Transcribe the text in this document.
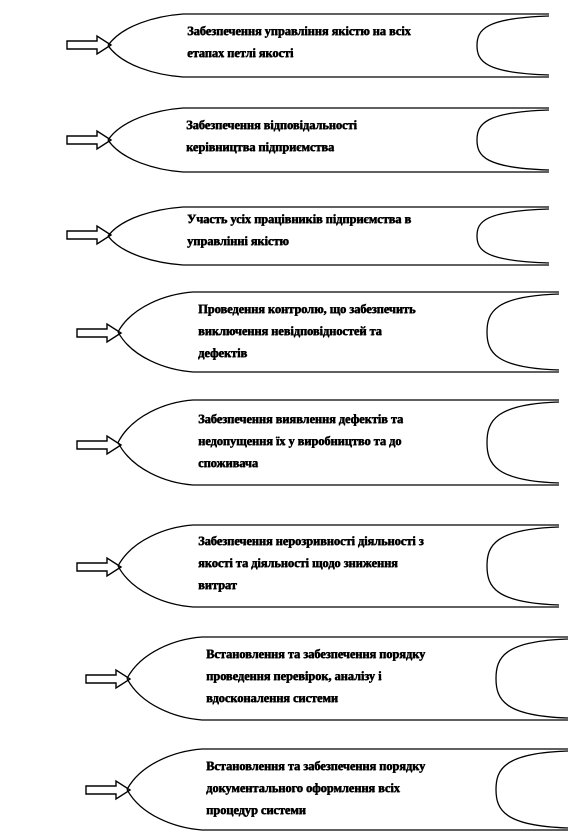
Забезпечення управління якістю на всіх
етапах петлі якості
Забезпечення відповідальності
керівництва підприємства
Участь усіх працівників підприємства в
управлінні якістю
Проведення контролю, що забезпечить
виключення невідповідностей та
дефектів
Забезпечення виявлення дефектів та
недопущення їх у виробництво та до
споживача
Забезпечення нерозривності діяльності з
якості та діяльності щодо зниження
витрат
Встановлення та забезпечення порядку
проведення перевірок, аналізу і
вдосконалення системи
Встановлення та забезпечення порядку
документального оформлення всіх
процедур системи
